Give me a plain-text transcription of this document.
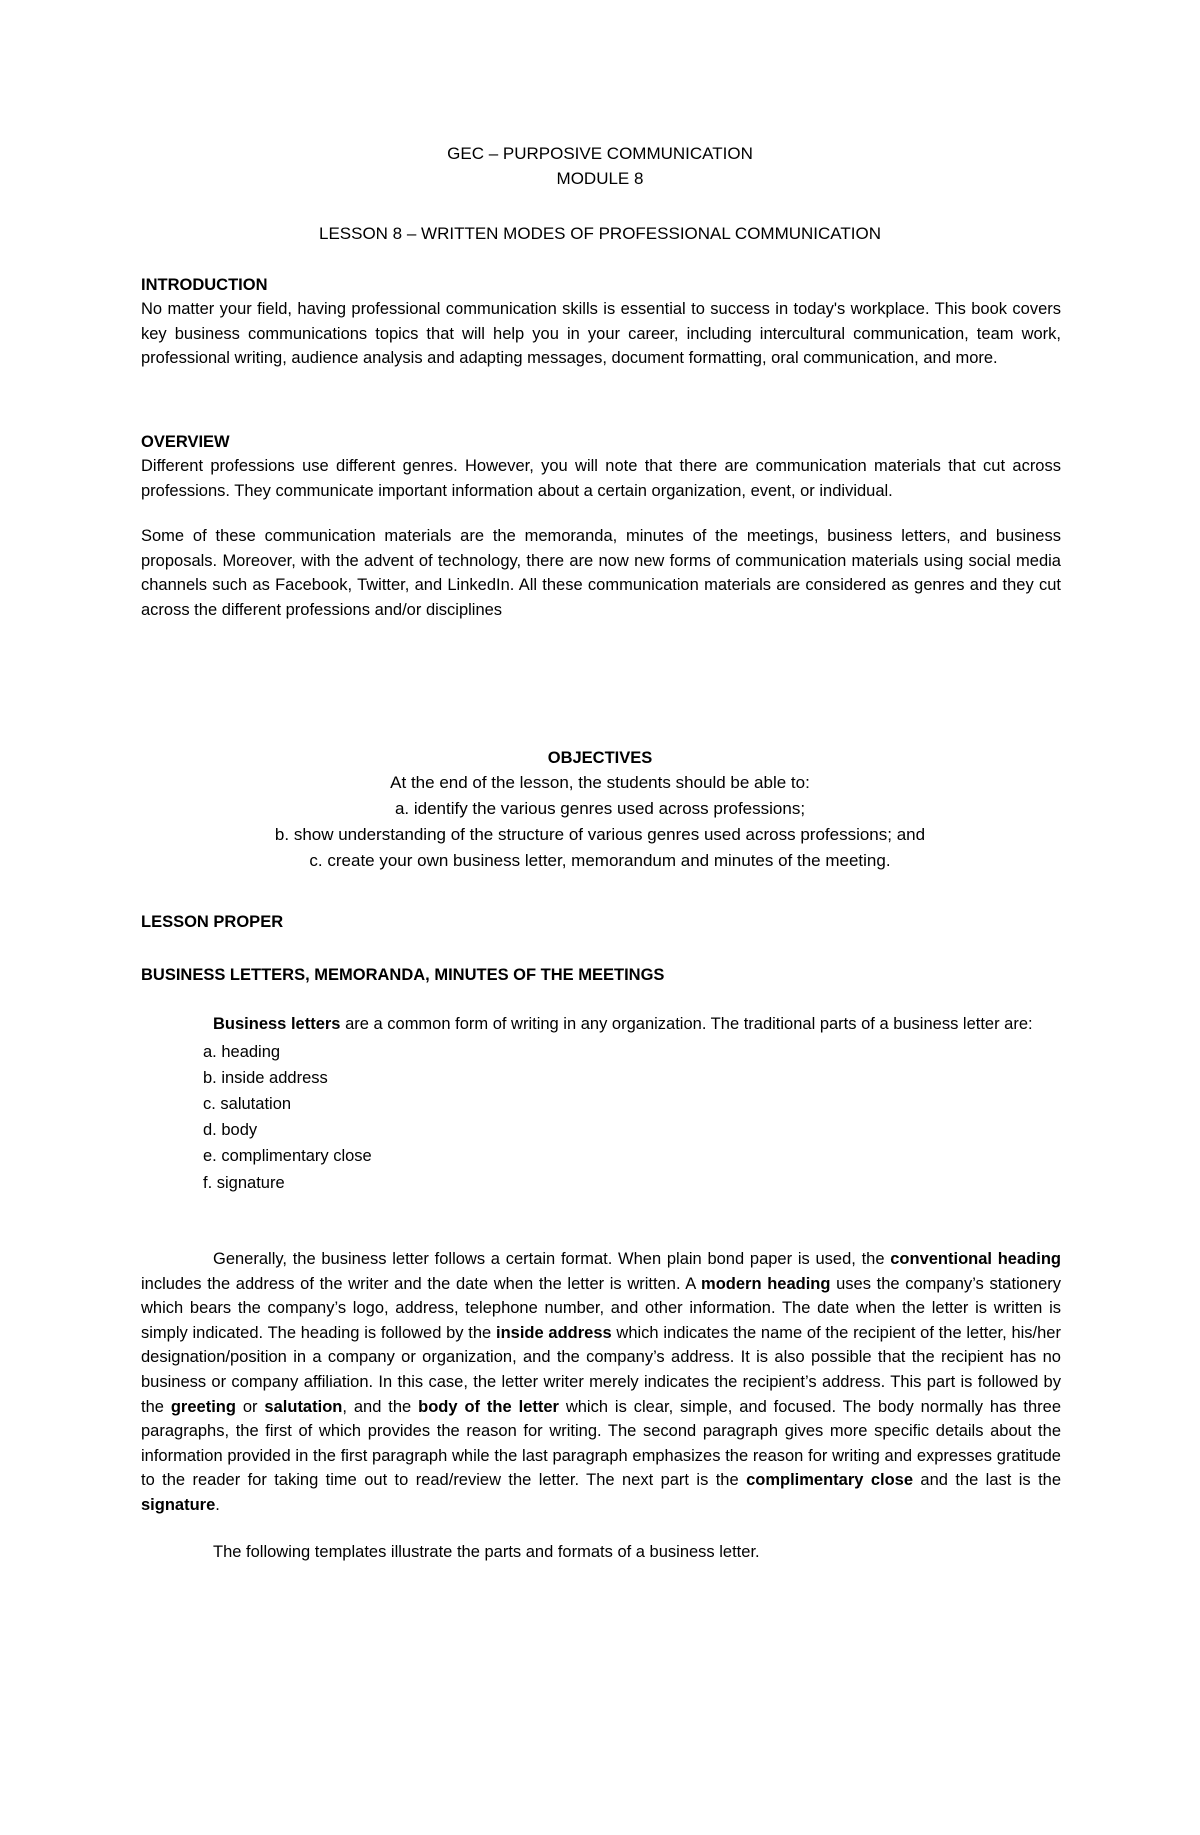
GEC – PURPOSIVE COMMUNICATION
MODULE 8
LESSON 8 – WRITTEN MODES OF PROFESSIONAL COMMUNICATION

INTRODUCTION

No matter your field, having professional communication skills is essential to success in today's workplace. This book covers key business communications topics that will help you in your career, including intercultural communication, team work, professional writing, audience analysis and adapting messages, document formatting, oral communication, and more.

OVERVIEW

Different professions use different genres. However, you will note that there are communication materials that cut across professions. They communicate important information about a certain organization, event, or individual.

Some of these communication materials are the memoranda, minutes of the meetings, business letters, and business proposals. Moreover, with the advent of technology, there are now new forms of communication materials using social media channels such as Facebook, Twitter, and LinkedIn. All these communication materials are considered as genres and they cut across the different professions and/or disciplines

OBJECTIVES
At the end of the lesson, the students should be able to:
a. identify the various genres used across professions;
b. show understanding of the structure of various genres used across professions; and
c. create your own business letter, memorandum and minutes of the meeting.
LESSON PROPER
BUSINESS LETTERS, MEMORANDA, MINUTES OF THE MEETINGS

Business letters are a common form of writing in any organization. The traditional parts of a business letter are:

a. heading
b. inside address
c. salutation
d. body
e. complimentary close
f. signature

Generally, the business letter follows a certain format. When plain bond paper is used, the conventional heading includes the address of the writer and the date when the letter is written. A modern heading uses the company’s stationery which bears the company’s logo, address, telephone number, and other information. The date when the letter is written is simply indicated. The heading is followed by the inside address which indicates the name of the recipient of the letter, his/her designation/position in a company or organization, and the company’s address. It is also possible that the recipient has no business or company affiliation. In this case, the letter writer merely indicates the recipient’s address. This part is followed by the greeting or salutation, and the body of the letter which is clear, simple, and focused. The body normally has three paragraphs, the first of which provides the reason for writing. The second paragraph gives more specific details about the information provided in the first paragraph while the last paragraph emphasizes the reason for writing and expresses gratitude to the reader for taking time out to read/review the letter. The next part is the complimentary close and the last is the signature.

The following templates illustrate the parts and formats of a business letter.
